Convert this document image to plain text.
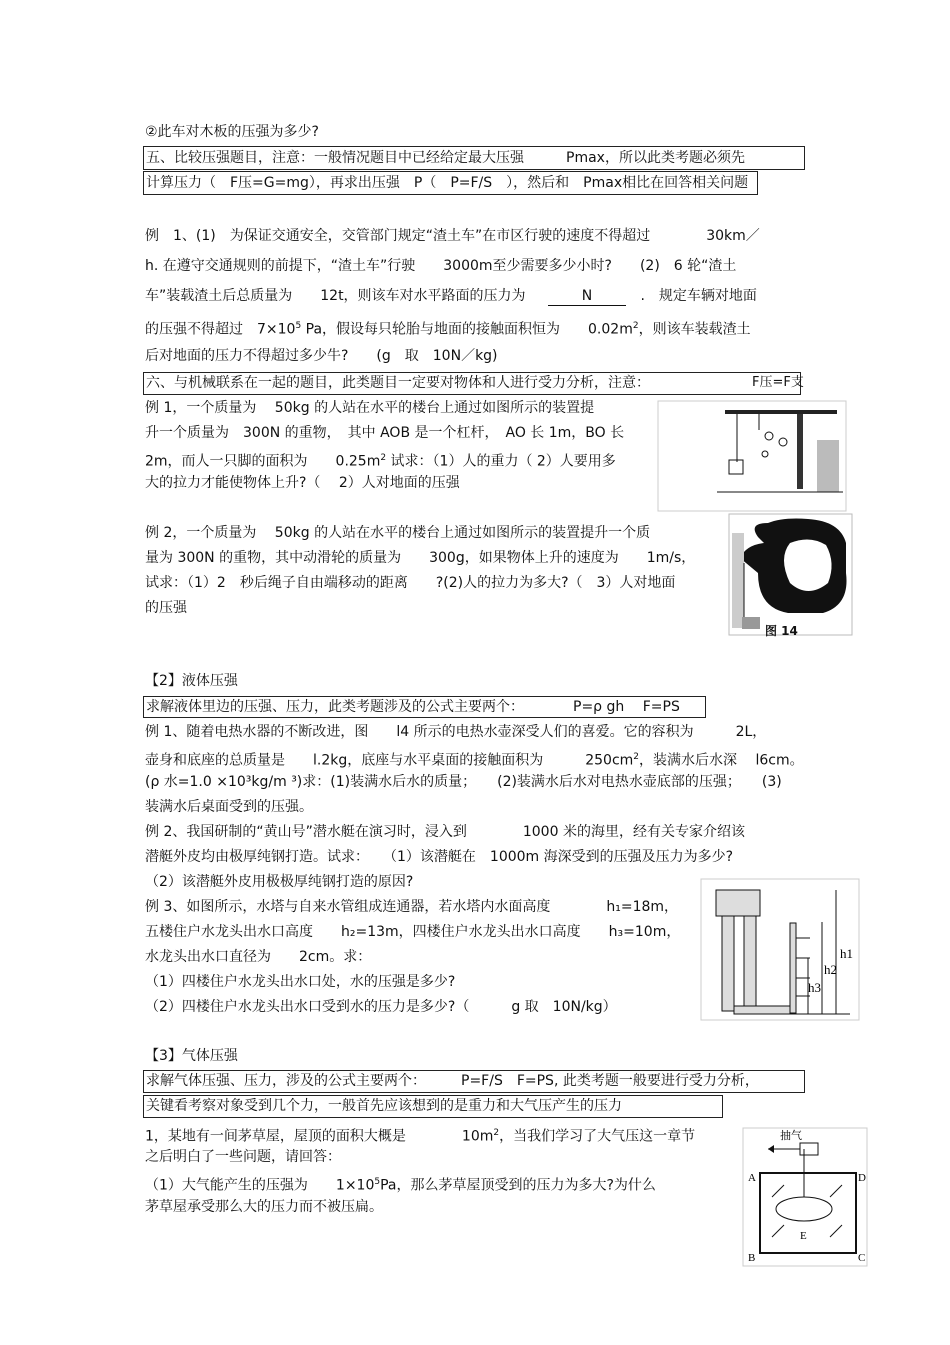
②此车对木板的压强为多少?
五、比较压强题目，注意：一般情况题目中已经给定最大压强　　　Pmax，所以此类考题必须先
计算压力（　F压=G=mg），再求出压强　P（　P=F/S　），然后和　Pmax相比在回答相关问题
例　1、(1)　为保证交通安全，交管部门规定“渣土车”在市区行驶的速度不得超过　　　　30km／
h. 在遵守交通规则的前提下，“渣土车”行驶　　3000m至少需要多少小时?　　(2)　6 轮“渣土
车”装载渣土后总质量为　　12t，则该车对水平路面的压力为	N	.　规定车辆对地面
的压强不得超过　$7\times 10^5$ Pa，假设每只轮胎与地面的接触面积恒为　　$0.02m^2$，则该车装载渣土
后对地面的压力不得超过多少牛?　　(g　取　10N／kg)
六、与机械联系在一起的题目，此类题目一定要对物体和人进行受力分析，注意：	F压=F支
例 1，一个质量为　 50kg 的人站在水平的楼台上通过如图所示的装置提
升一个质量为　300N 的重物，　其中 AOB 是一个杠杆，　AO 长 1m，BO 长
2m，而人一只脚的面积为　　$0.25m^2$ 试求：（1）人的重力（ 2）人要用多
大的拉力才能使物体上升?（　 2）人对地面的压强
例 2，一个质量为　 50kg 的人站在水平的楼台上通过如图所示的装置提升一个质
量为 300N 的重物，其中动滑轮的质量为　　300g，如果物体上升的速度为　　1m/s，
试求：（1）2　秒后绳子自由端移动的距离　　?(2)人的拉力为多大?（　3）人对地面
的压强
图 14
【2】液体压强
求解液体里边的压强、压力，此类考题涉及的公式主要两个：　　　　P=ρ gh　 F=PS
例 1、随着电热水器的不断改进，图　　l4 所示的电热水壶深受人们的喜爱。它的容积为　　　2L，
壶身和底座的总质量是　　l.2kg，底座与水平桌面的接触面积为　　　$250cm^2$，装满水后水深　 l6cm。
(ρ 水=1.0 ×10³kg/m ³)求：(1)装满水后水的质量；　　(2)装满水后水对电热水壶底部的压强；　　(3)
装满水后桌面受到的压强。
例 2、我国研制的“黄山号”潜水艇在演习时，浸入到　　　　1000 米的海里，经有关专家介绍该
潜艇外皮均由极厚纯钢打造。试求：　　（1）该潜艇在　1000m 海深受到的压强及压力为多少?
（2）该潜艇外皮用极极厚纯钢打造的原因?
例 3、如图所示，水塔与自来水管组成连通器，若水塔内水面高度　　　　h₁=18m，
五楼住户水龙头出水口高度　　h₂=13m，四楼住户水龙头出水口高度　　h₃=10m，
水龙头出水口直径为　　2cm。求：
（1）四楼住户水龙头出水口处，水的压强是多少?
（2）四楼住户水龙头出水口受到水的压力是多少?（　　　g 取　10N/kg）
h1
h2
h3
【3】气体压强
求解气体压强、压力，涉及的公式主要两个：　　　P=F/S　F=PS, 此类考题一般要进行受力分析，
关键看考察对象受到几个力，一般首先应该想到的是重力和大气压产生的压力
1，某地有一间茅草屋，屋顶的面积大概是　　　　$10m^2$，当我们学习了大气压这一章节
之后明白了一些问题，请回答：
（1）大气能产生的压强为　　$1\times 10^5Pa$，那么茅草屋顶受到的压力为多大?为什么
茅草屋承受那么大的压力而不被压扁。
抽气
A
B	C
D
E
